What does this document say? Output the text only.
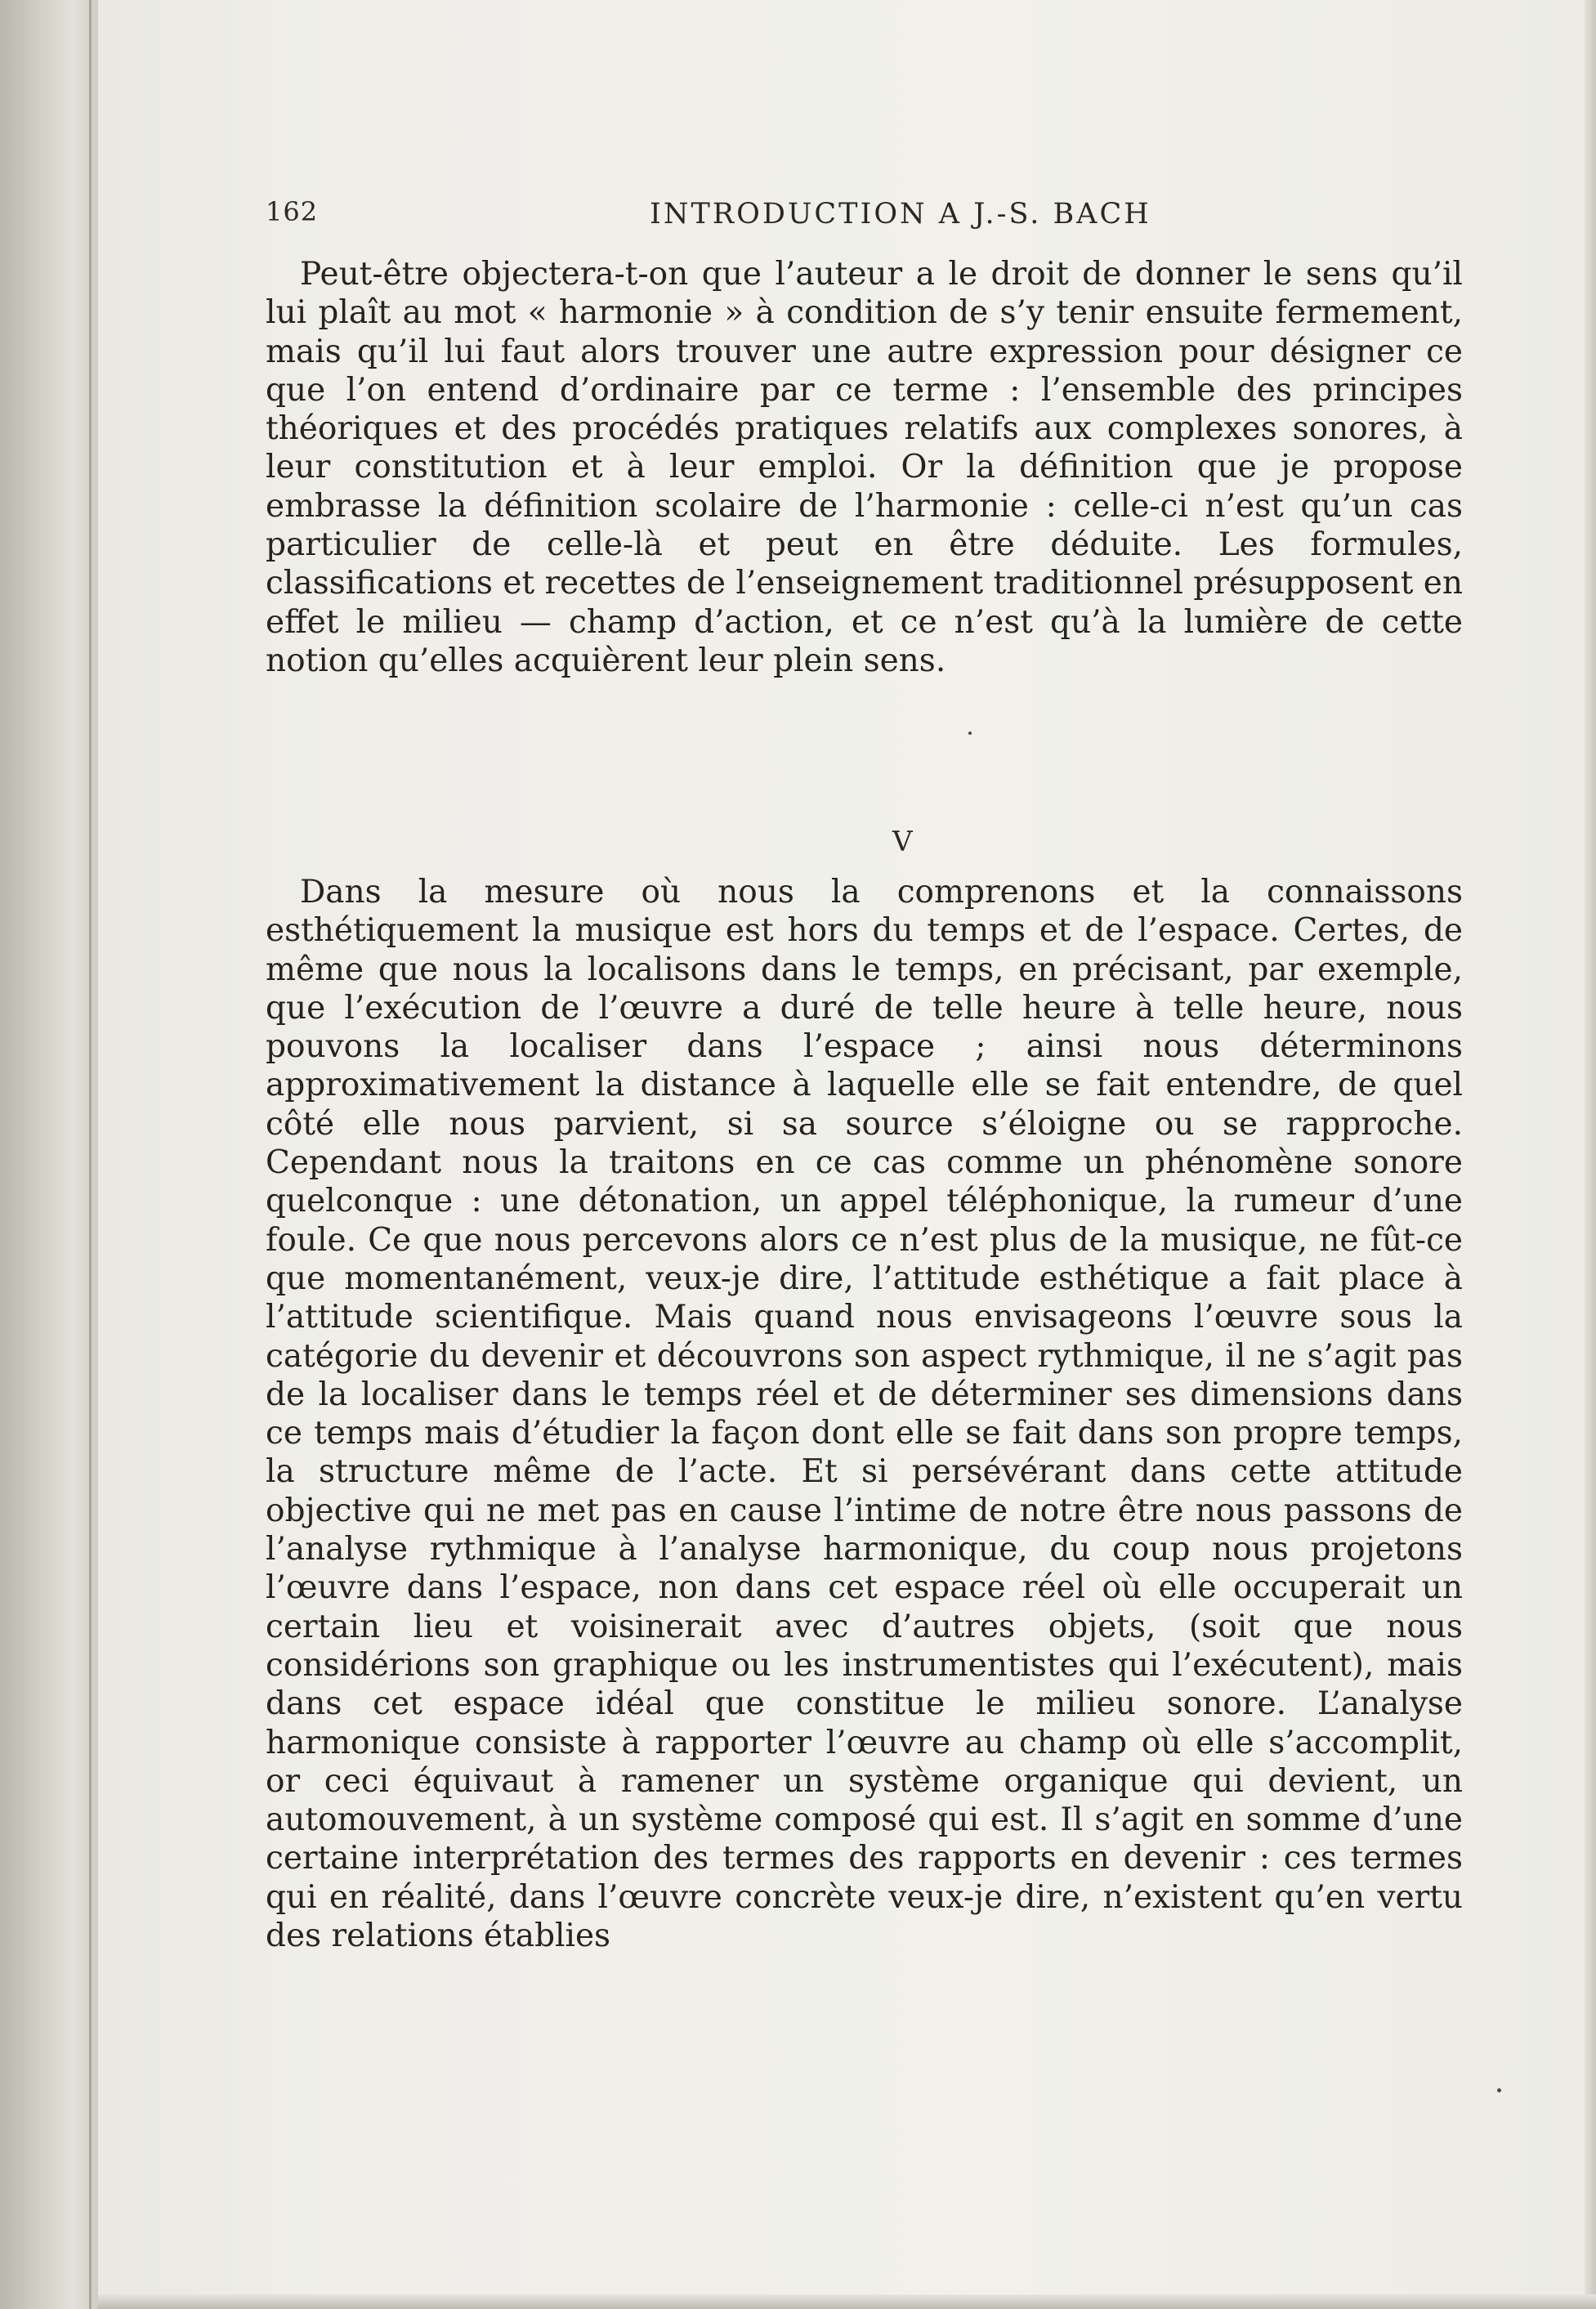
162	INTRODUCTION A J.-S. BACH

Peut-être objectera-t-on que l’auteur a le droit de donner le sens qu’il lui plaît au mot « harmonie » à condition de s’y tenir ensuite fermement, mais qu’il lui faut alors trouver une autre expression pour désigner ce que l’on entend d’ordinaire par ce terme : l’ensemble des principes théoriques et des procédés pratiques relatifs aux complexes sonores, à leur constitution et à leur emploi. Or la définition que je propose embrasse la définition scolaire de l’harmonie : celle-ci n’est qu’un cas particulier de celle-là et peut en être déduite. Les formules, classifications et recettes de l’enseignement traditionnel présupposent en effet le milieu — champ d’action, et ce n’est qu’à la lumière de cette notion qu’elles acquièrent leur plein sens.

V

Dans la mesure où nous la comprenons et la connaissons esthétiquement la musique est hors du temps et de l’espace. Certes, de même que nous la localisons dans le temps, en précisant, par exemple, que l’exécution de l’œuvre a duré de telle heure à telle heure, nous pouvons la localiser dans l’espace ; ainsi nous déterminons approximativement la distance à laquelle elle se fait entendre, de quel côté elle nous parvient, si sa source s’éloigne ou se rapproche. Cependant nous la traitons en ce cas comme un phénomène sonore quelconque : une détonation, un appel téléphonique, la rumeur d’une foule. Ce que nous percevons alors ce n’est plus de la musique, ne fût-ce que momentanément, veux-je dire, l’attitude esthétique a fait place à l’attitude scientifique. Mais quand nous envisageons l’œuvre sous la catégorie du devenir et découvrons son aspect rythmique, il ne s’agit pas de la localiser dans le temps réel et de déterminer ses dimensions dans ce temps mais d’étudier la façon dont elle se fait dans son propre temps, la structure même de l’acte. Et si persévérant dans cette attitude objective qui ne met pas en cause l’intime de notre être nous passons de l’analyse rythmique à l’analyse harmonique, du coup nous projetons l’œuvre dans l’espace, non dans cet espace réel où elle occuperait un certain lieu et voisinerait avec d’autres objets, (soit que nous considérions son graphique ou les instrumentistes qui l’exécutent), mais dans cet espace idéal que constitue le milieu sonore. L’analyse harmonique consiste à rapporter l’œuvre au champ où elle s’accomplit, or ceci équivaut à ramener un système organique qui devient, un automouvement, à un système composé qui est. Il s’agit en somme d’une certaine interprétation des termes des rapports en devenir : ces termes qui en réalité, dans l’œuvre concrète veux-je dire, n’existent qu’en vertu des relations établies
